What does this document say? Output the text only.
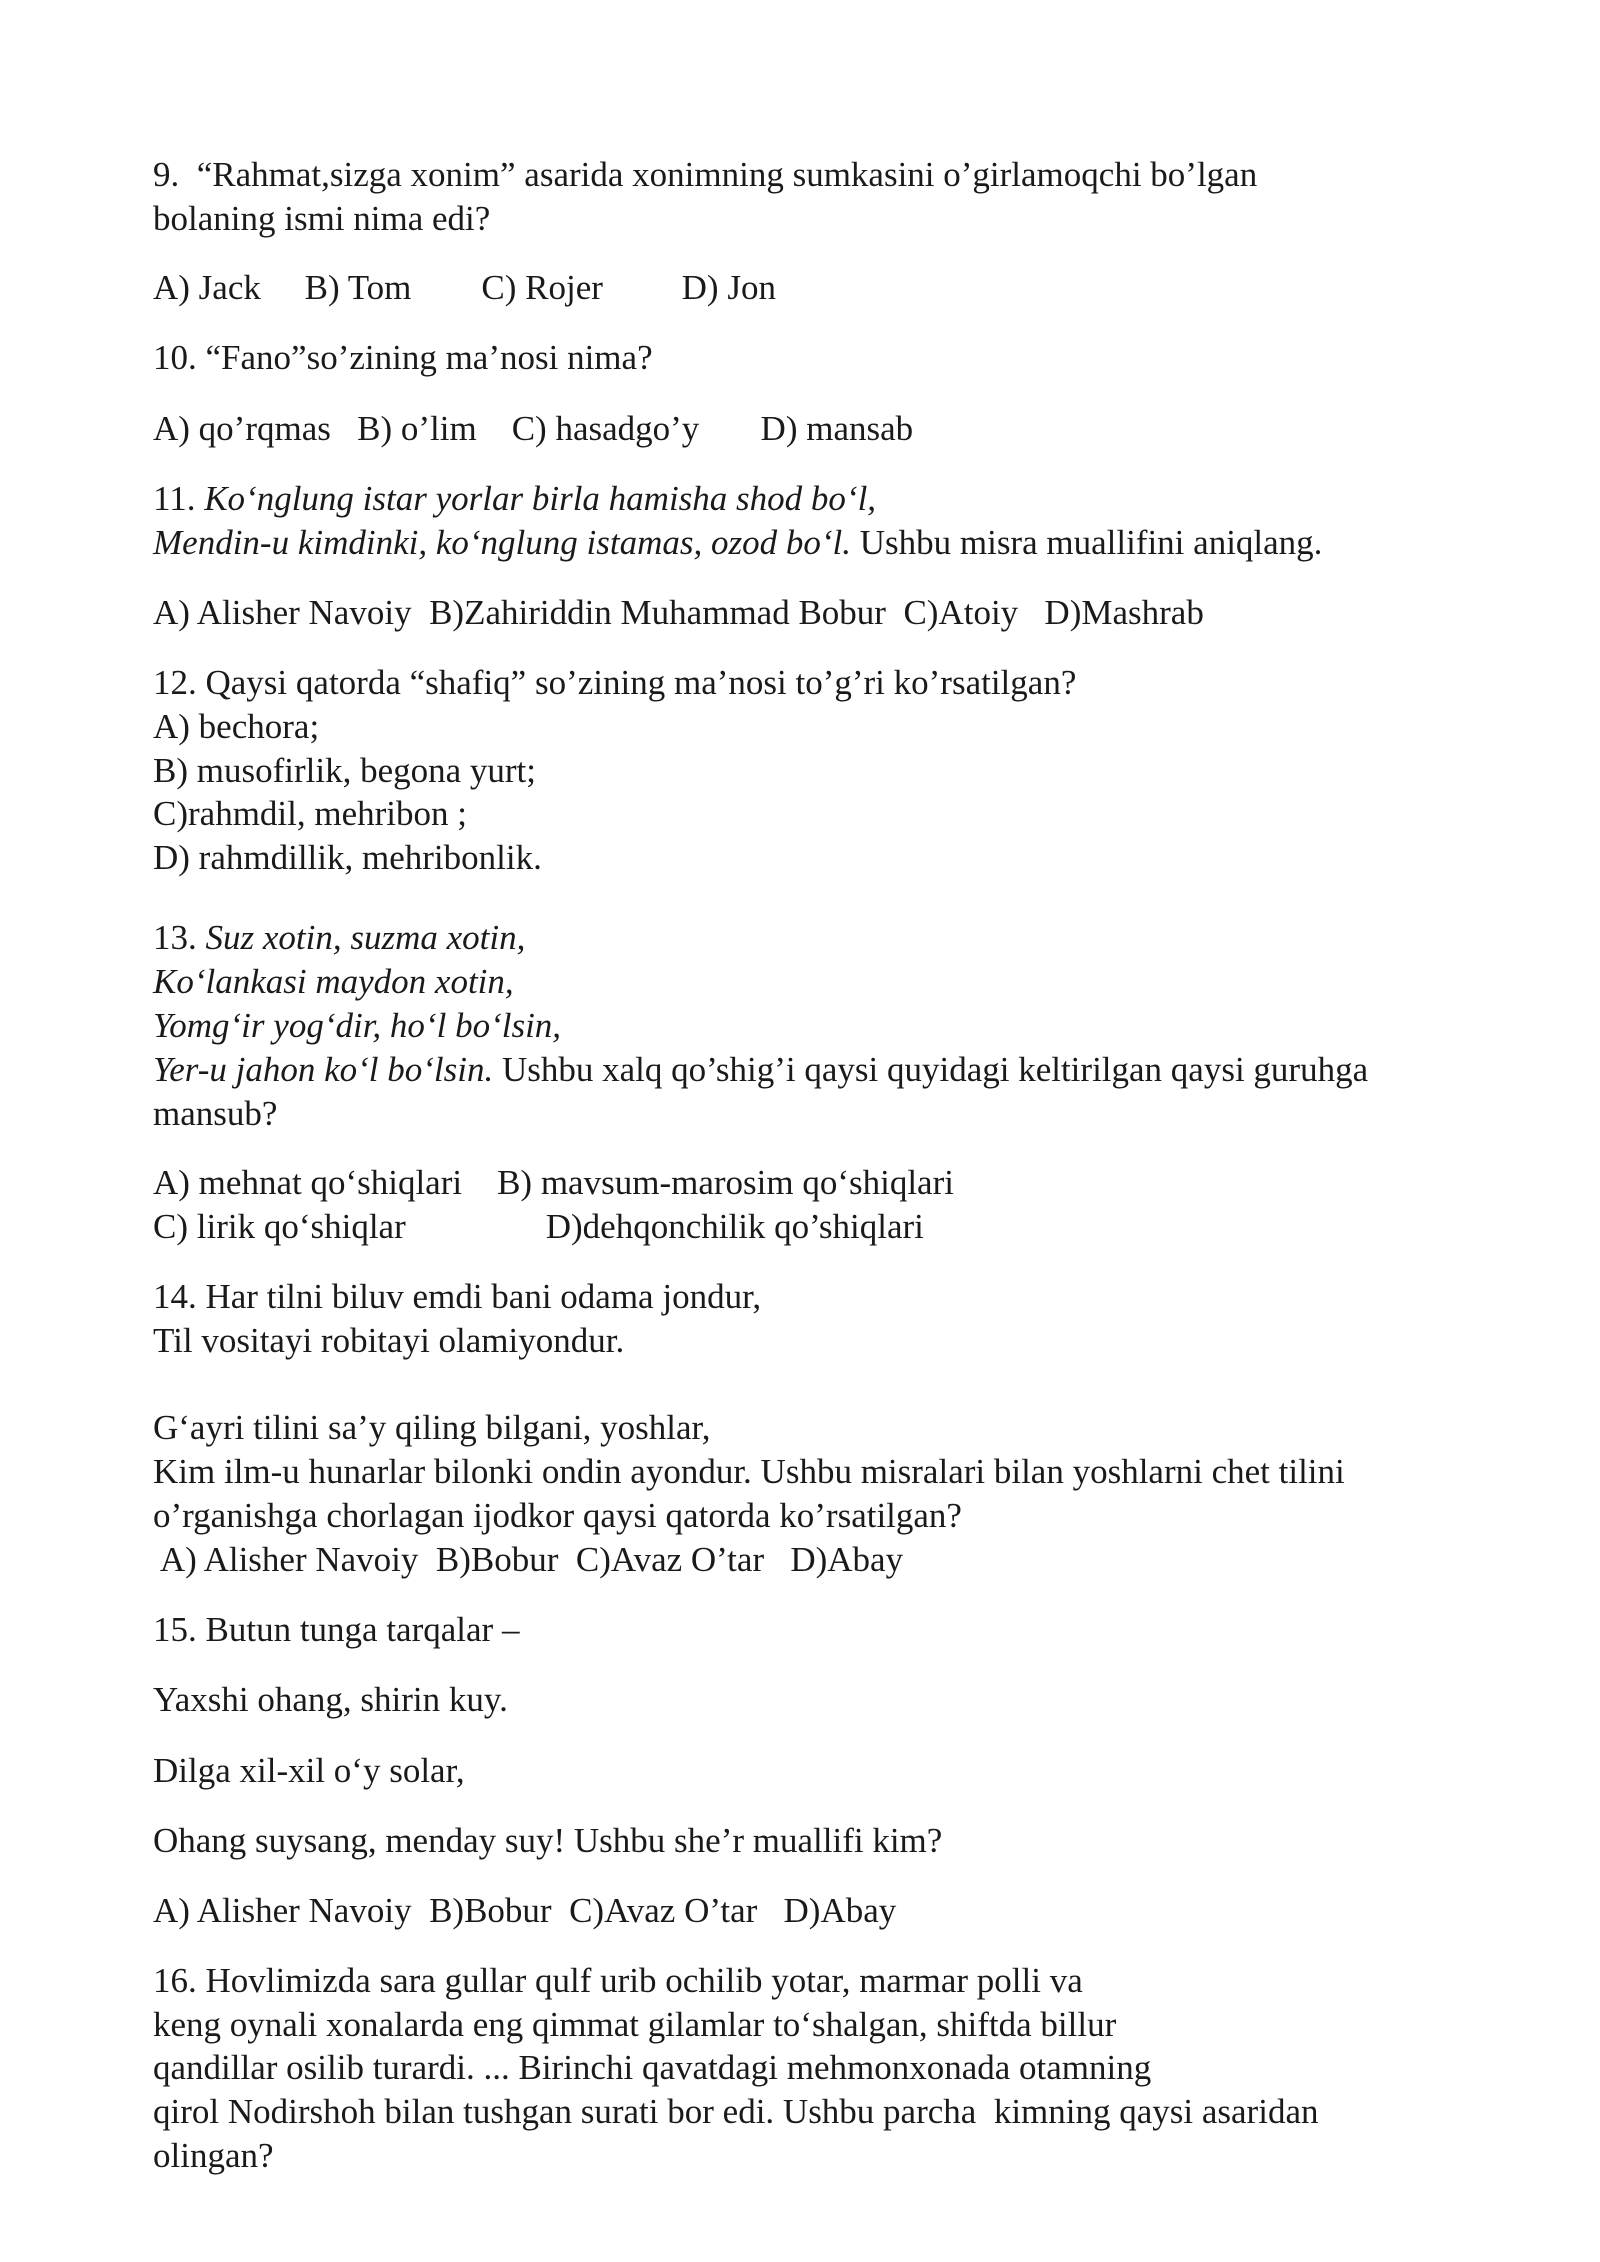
9.  “Rahmat,sizga xonim” asarida xonimning sumkasini o’girlamoqchi bo’lgan
bolaning ismi nima edi?
A) Jack     B) Tom        C) Rojer         D) Jon
10. “Fano”so’zining ma’nosi nima?
A) qo’rqmas   B) o’lim    C) hasadgo’y       D) mansab
11. Ko‘nglung istar yorlar birla hamisha shod bo‘l,
Mendin-u kimdinki, ko‘nglung istamas, ozod bo‘l. Ushbu misra muallifini aniqlang.
A) Alisher Navoiy  B)Zahiriddin Muhammad Bobur  C)Atoiy   D)Mashrab
12. Qaysi qatorda “shafiq” so’zining ma’nosi to’g’ri ko’rsatilgan?
A) bechora;
B) musofirlik, begona yurt;
C)rahmdil, mehribon ;
D) rahmdillik, mehribonlik.
13. Suz xotin, suzma xotin,
Ko‘lankasi maydon xotin,
Yomg‘ir yog‘dir, ho‘l bo‘lsin,
Yer-u jahon ko‘l bo‘lsin. Ushbu xalq qo’shig’i qaysi quyidagi keltirilgan qaysi guruhga
mansub?
A) mehnat qo‘shiqlari    B) mavsum-marosim qo‘shiqlari
C) lirik qo‘shiqlar                D)dehqonchilik qo’shiqlari
14. Har tilni biluv emdi bani odama jondur,
Til vositayi robitayi olamiyondur.
G‘ayri tilini sa’y qiling bilgani, yoshlar,
Kim ilm-u hunarlar bilonki ondin ayondur. Ushbu misralari bilan yoshlarni chet tilini
o’rganishga chorlagan ijodkor qaysi qatorda ko’rsatilgan?
A) Alisher Navoiy  B)Bobur  C)Avaz O’tar   D)Abay
15. Butun tunga tarqalar –
Yaxshi ohang, shirin kuy.
Dilga xil-xil o‘y solar,
Ohang suysang, menday suy! Ushbu she’r muallifi kim?
A) Alisher Navoiy  B)Bobur  C)Avaz O’tar   D)Abay
16. Hovlimizda sara gullar qulf urib ochilib yotar, marmar polli va
keng oynali xonalarda eng qimmat gilamlar to‘shalgan, shiftda billur
qandillar osilib turardi. ... Birinchi qavatdagi mehmonxonada otamning
qirol Nodirshoh bilan tushgan surati bor edi. Ushbu parcha  kimning qaysi asaridan
olingan?
